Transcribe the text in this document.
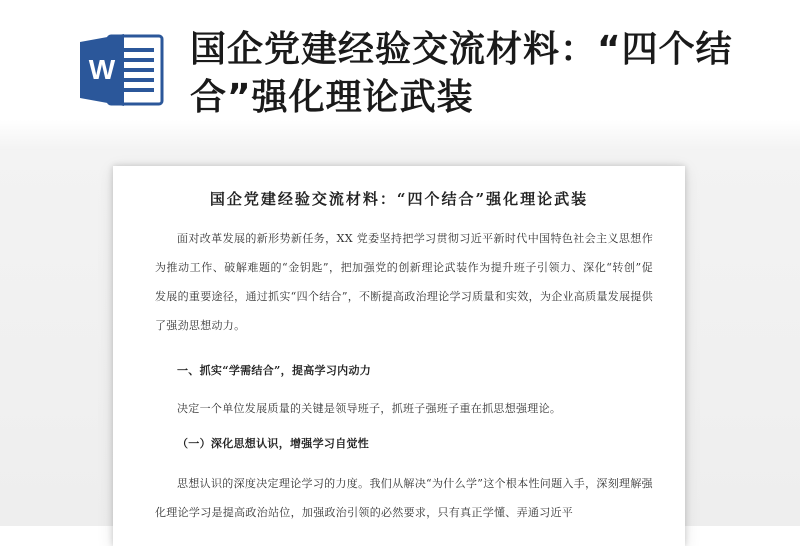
W 国企党建经验交流材料：“四个结合”强化理论武装
国企党建经验交流材料：“四个结合”强化理论武装
面对改革发展的新形势新任务，XX 党委坚持把学习贯彻习近平新时代中国特色社会主义思想作为推动工作、破解难题的“金钥匙”，把加强党的创新理论武装作为提升班子引领力、深化“转创”促发展的重要途径，通过抓实“四个结合”，不断提高政治理论学习质量和实效，为企业高质量发展提供了强劲思想动力。
一、抓实“学需结合”，提高学习内动力
决定一个单位发展质量的关键是领导班子，抓班子强班子重在抓思想强理论。
（一）深化思想认识，增强学习自觉性
思想认识的深度决定理论学习的力度。我们从解决“为什么学”这个根本性问题入手，深刻理解强化理论学习是提高政治站位，加强政治引领的必然要求，只有真正学懂、弄通习近平
